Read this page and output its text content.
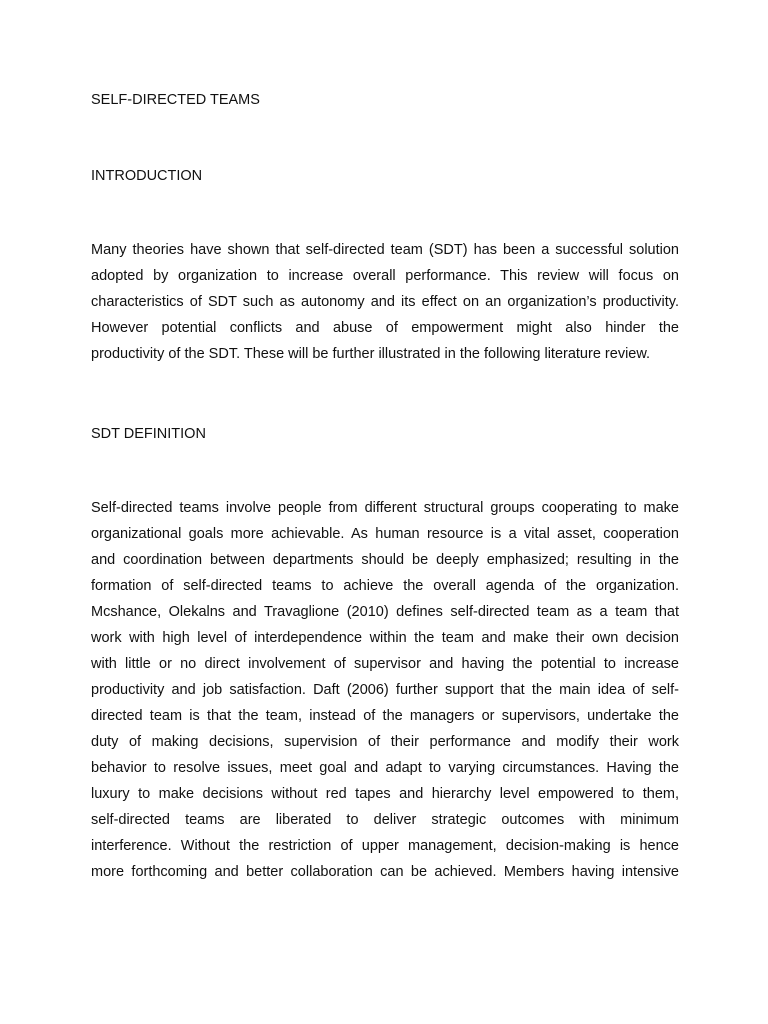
SELF-DIRECTED TEAMS
INTRODUCTION
Many theories have shown that self-directed team (SDT) has been a successful solution
adopted by organization to increase overall performance. This review will focus on
characteristics of SDT such as autonomy and its effect on an organization’s productivity.
However potential conflicts and abuse of empowerment might also hinder the
productivity of the SDT. These will be further illustrated in the following literature review.
SDT DEFINITION
Self-directed teams involve people from different structural groups cooperating to make
organizational goals more achievable. As human resource is a vital asset, cooperation
and coordination between departments should be deeply emphasized; resulting in the
formation of self-directed teams to achieve the overall agenda of the organization.
Mcshance, Olekalns and Travaglione (2010) defines self-directed team as a team that
work with high level of interdependence within the team and make their own decision
with little or no direct involvement of supervisor and having the potential to increase
productivity and job satisfaction. Daft (2006) further support that the main idea of self-
directed team is that the team, instead of the managers or supervisors, undertake the
duty of making decisions, supervision of their performance and modify their work
behavior to resolve issues, meet goal and adapt to varying circumstances. Having the
luxury to make decisions without red tapes and hierarchy level empowered to them,
self-directed teams are liberated to deliver strategic outcomes with minimum
interference. Without the restriction of upper management, decision-making is hence
more forthcoming and better collaboration can be achieved. Members having intensive
